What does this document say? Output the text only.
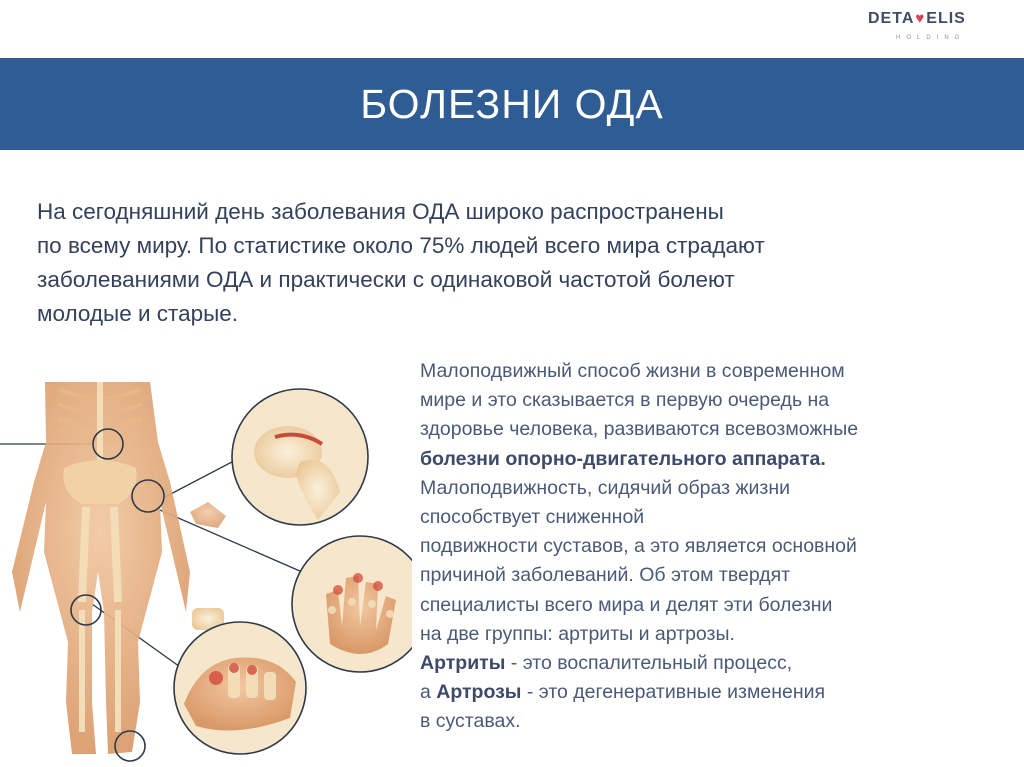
DETA♥ELIS
HOLDING
БОЛЕЗНИ ОДА
На сегодняшний день заболевания ОДА широко распространены
по всему миру. По статистике около 75% людей всего мира страдают
заболеваниями ОДА и практически с одинаковой частотой болеют
молодые и старые.
Малоподвижный способ жизни в современном
мире и это сказывается в первую очередь на
здоровье человека, развиваются всевозможные
болезни опорно-двигательного аппарата.
Малоподвижность, сидячий образ жизни
способствует сниженной
подвижности суставов, а это является основной
причиной заболеваний. Об этом твердят
специалисты всего мира и делят эти болезни
на две группы: артриты и артрозы.
Артриты - это воспалительный процесс,
а Артрозы - это дегенеративные изменения
в суставах.
